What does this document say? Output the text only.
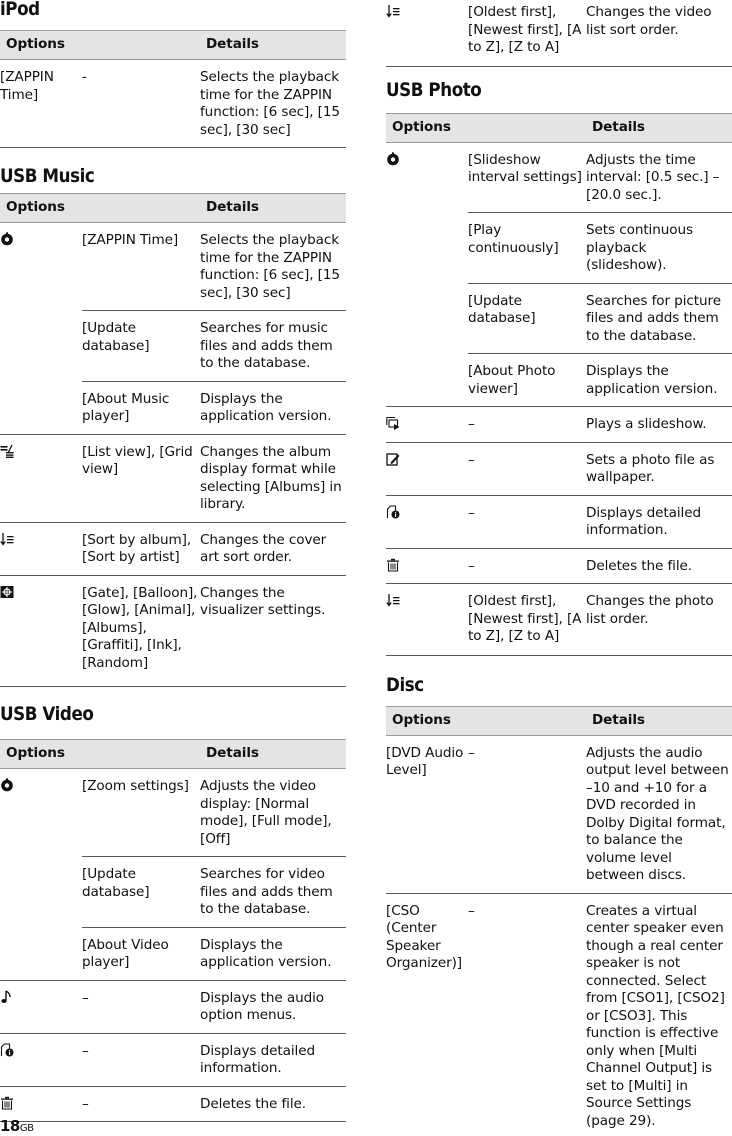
iPod
Options		Details
[ZAPPIN Time]	-	Selects the playback time for the ZAPPIN function: [6 sec], [15 sec], [30 sec]
USB Music
Options		Details

	[ZAPPIN Time]	Selects the playback time for the ZAPPIN function: [6 sec], [15 sec], [30 sec]
	[Update database]	Searches for music files and adds them to the database.
	[About Music player]	Displays the application version.

	[List view], [Grid view]	Changes the album display format while selecting [Albums] in library.

	[Sort by album], [Sort by artist]	Changes the cover art sort order.

	[Gate], [Balloon], [Glow], [Animal], [Albums], [Graffiti], [Ink], [Random]	Changes the visualizer settings.
USB Video
Options		Details

	[Zoom settings]	Adjusts the video display: [Normal mode], [Full mode], [Off]
	[Update database]	Searches for video files and adds them to the database.
	[About Video player]	Displays the application version.

	–	Displays the audio option menus.

	–	Displays detailed information.

	–	Deletes the file.
	[Oldest first], [Newest first], [A to Z], [Z to A]	Changes the video list sort order.
USB Photo
Options		Details

	[Slideshow interval settings]	Adjusts the time interval: [0.5 sec.] – [20.0 sec.].
	[Play continuously]	Sets continuous playback (slideshow).
	[Update database]	Searches for picture files and adds them to the database.
	[About Photo viewer]	Displays the application version.

	–	Plays a slideshow.

	–	Sets a photo file as wallpaper.

	–	Displays detailed information.

	–	Deletes the file.

	[Oldest first], [Newest first], [A to Z], [Z to A]	Changes the photo list order.
Disc
Options		Details
[DVD Audio Level]	–	Adjusts the audio output level between –10 and +10 for a DVD recorded in Dolby Digital format, to balance the volume level between discs.
[CSO (Center Speaker Organizer)]	–	Creates a virtual center speaker even though a real center speaker is not connected. Select from [CSO1], [CSO2] or [CSO3]. This function is effective only when [Multi Channel Output] is set to [Multi] in Source Settings (page 29).
18GB
